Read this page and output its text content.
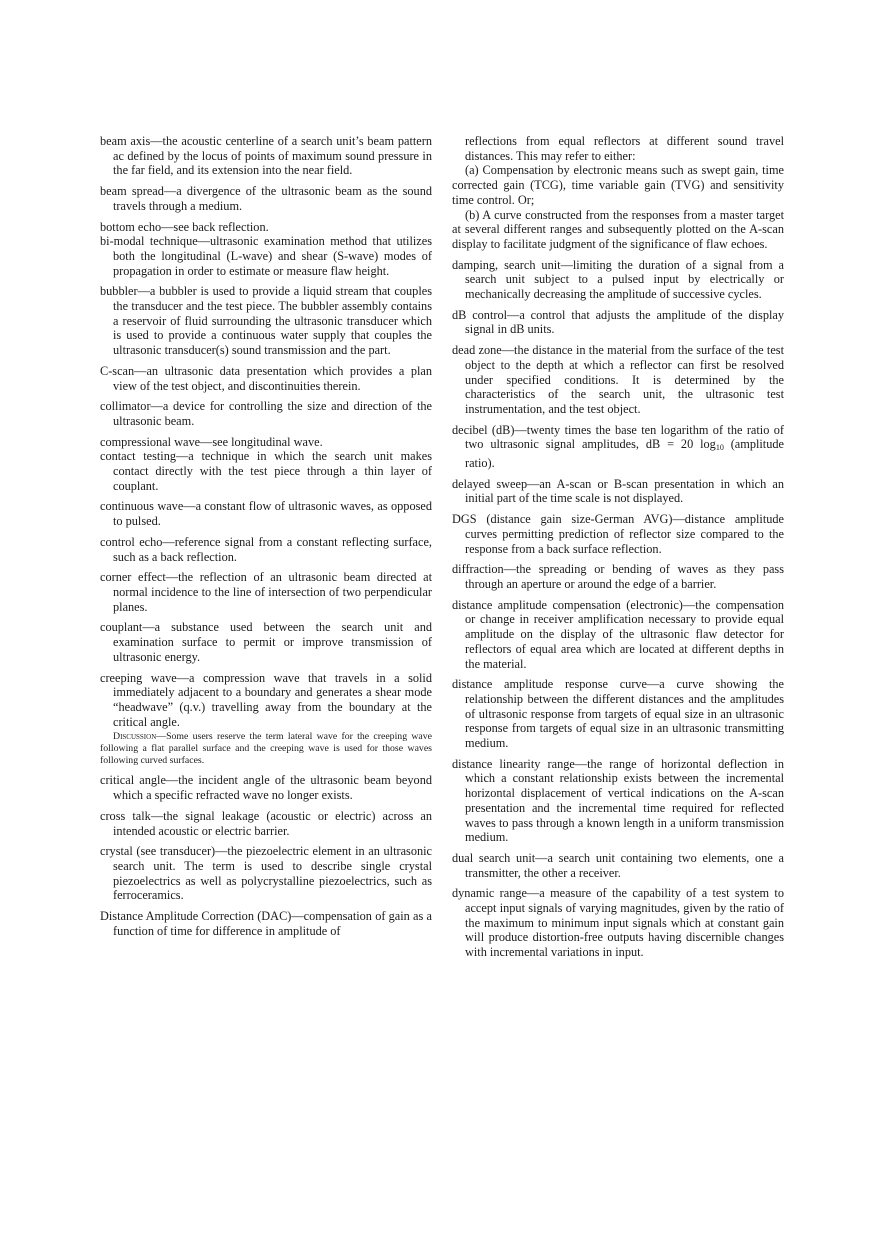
beam axis—the acoustic centerline of a search unit’s beam pattern ac defined by the locus of points of maximum sound pressure in the far field, and its extension into the near field.

beam spread—a divergence of the ultrasonic beam as the sound travels through a medium.

bottom echo—see back reflection.

bi-modal technique—ultrasonic examination method that utilizes both the longitudinal (L-wave) and shear (S-wave) modes of propagation in order to estimate or measure flaw height.

bubbler—a bubbler is used to provide a liquid stream that couples the transducer and the test piece. The bubbler assembly contains a reservoir of fluid surrounding the ultrasonic transducer which is used to provide a continuous water supply that couples the ultrasonic transducer(s) sound transmission and the part.

C-scan—an ultrasonic data presentation which provides a plan view of the test object, and discontinuities therein.

collimator—a device for controlling the size and direction of the ultrasonic beam.

compressional wave—see longitudinal wave.

contact testing—a technique in which the search unit makes contact directly with the test piece through a thin layer of couplant.

continuous wave—a constant flow of ultrasonic waves, as opposed to pulsed.

control echo—reference signal from a constant reflecting surface, such as a back reflection.

corner effect—the reflection of an ultrasonic beam directed at normal incidence to the line of intersection of two perpendicular planes.

couplant—a substance used between the search unit and examination surface to permit or improve transmission of ultrasonic energy.

creeping wave—a compression wave that travels in a solid immediately adjacent to a boundary and generates a shear mode “headwave” (q.v.) travelling away from the boundary at the critical angle.

Discussion—Some users reserve the term lateral wave for the creeping wave following a flat parallel surface and the creeping wave is used for those waves following curved surfaces.

critical angle—the incident angle of the ultrasonic beam beyond which a specific refracted wave no longer exists.

cross talk—the signal leakage (acoustic or electric) across an intended acoustic or electric barrier.

crystal (see transducer)—the piezoelectric element in an ultrasonic search unit. The term is used to describe single crystal piezoelectrics as well as polycrystalline piezoelectrics, such as ferroceramics.

Distance Amplitude Correction (DAC)—compensation of gain as a function of time for difference in amplitude of

reflections from equal reflectors at different sound travel distances. This may refer to either:

(a) Compensation by electronic means such as swept gain, time corrected gain (TCG), time variable gain (TVG) and sensitivity time control. Or;

(b) A curve constructed from the responses from a master target at several different ranges and subsequently plotted on the A-scan display to facilitate judgment of the significance of flaw echoes.

damping, search unit—limiting the duration of a signal from a search unit subject to a pulsed input by electrically or mechanically decreasing the amplitude of successive cycles.

dB control—a control that adjusts the amplitude of the display signal in dB units.

dead zone—the distance in the material from the surface of the test object to the depth at which a reflector can first be resolved under specified conditions. It is determined by the characteristics of the search unit, the ultrasonic test instrumentation, and the test object.

decibel (dB)—twenty times the base ten logarithm of the ratio of two ultrasonic signal amplitudes, dB = 20 $\log_{10}$ (amplitude ratio).

delayed sweep—an A-scan or B-scan presentation in which an initial part of the time scale is not displayed.

DGS (distance gain size-German AVG)—distance amplitude curves permitting prediction of reflector size compared to the response from a back surface reflection.

diffraction—the spreading or bending of waves as they pass through an aperture or around the edge of a barrier.

distance amplitude compensation (electronic)—the compensation or change in receiver amplification necessary to provide equal amplitude on the display of the ultrasonic flaw detector for reflectors of equal area which are located at different depths in the material.

distance amplitude response curve—a curve showing the relationship between the different distances and the amplitudes of ultrasonic response from targets of equal size in an ultrasonic response from targets of equal size in an ultrasonic transmitting medium.

distance linearity range—the range of horizontal deflection in which a constant relationship exists between the incremental horizontal displacement of vertical indications on the A-scan presentation and the incremental time required for reflected waves to pass through a known length in a uniform transmission medium.

dual search unit—a search unit containing two elements, one a transmitter, the other a receiver.

dynamic range—a measure of the capability of a test system to accept input signals of varying magnitudes, given by the ratio of the maximum to minimum input signals which at constant gain will produce distortion-free outputs having discernible changes with incremental variations in input.
